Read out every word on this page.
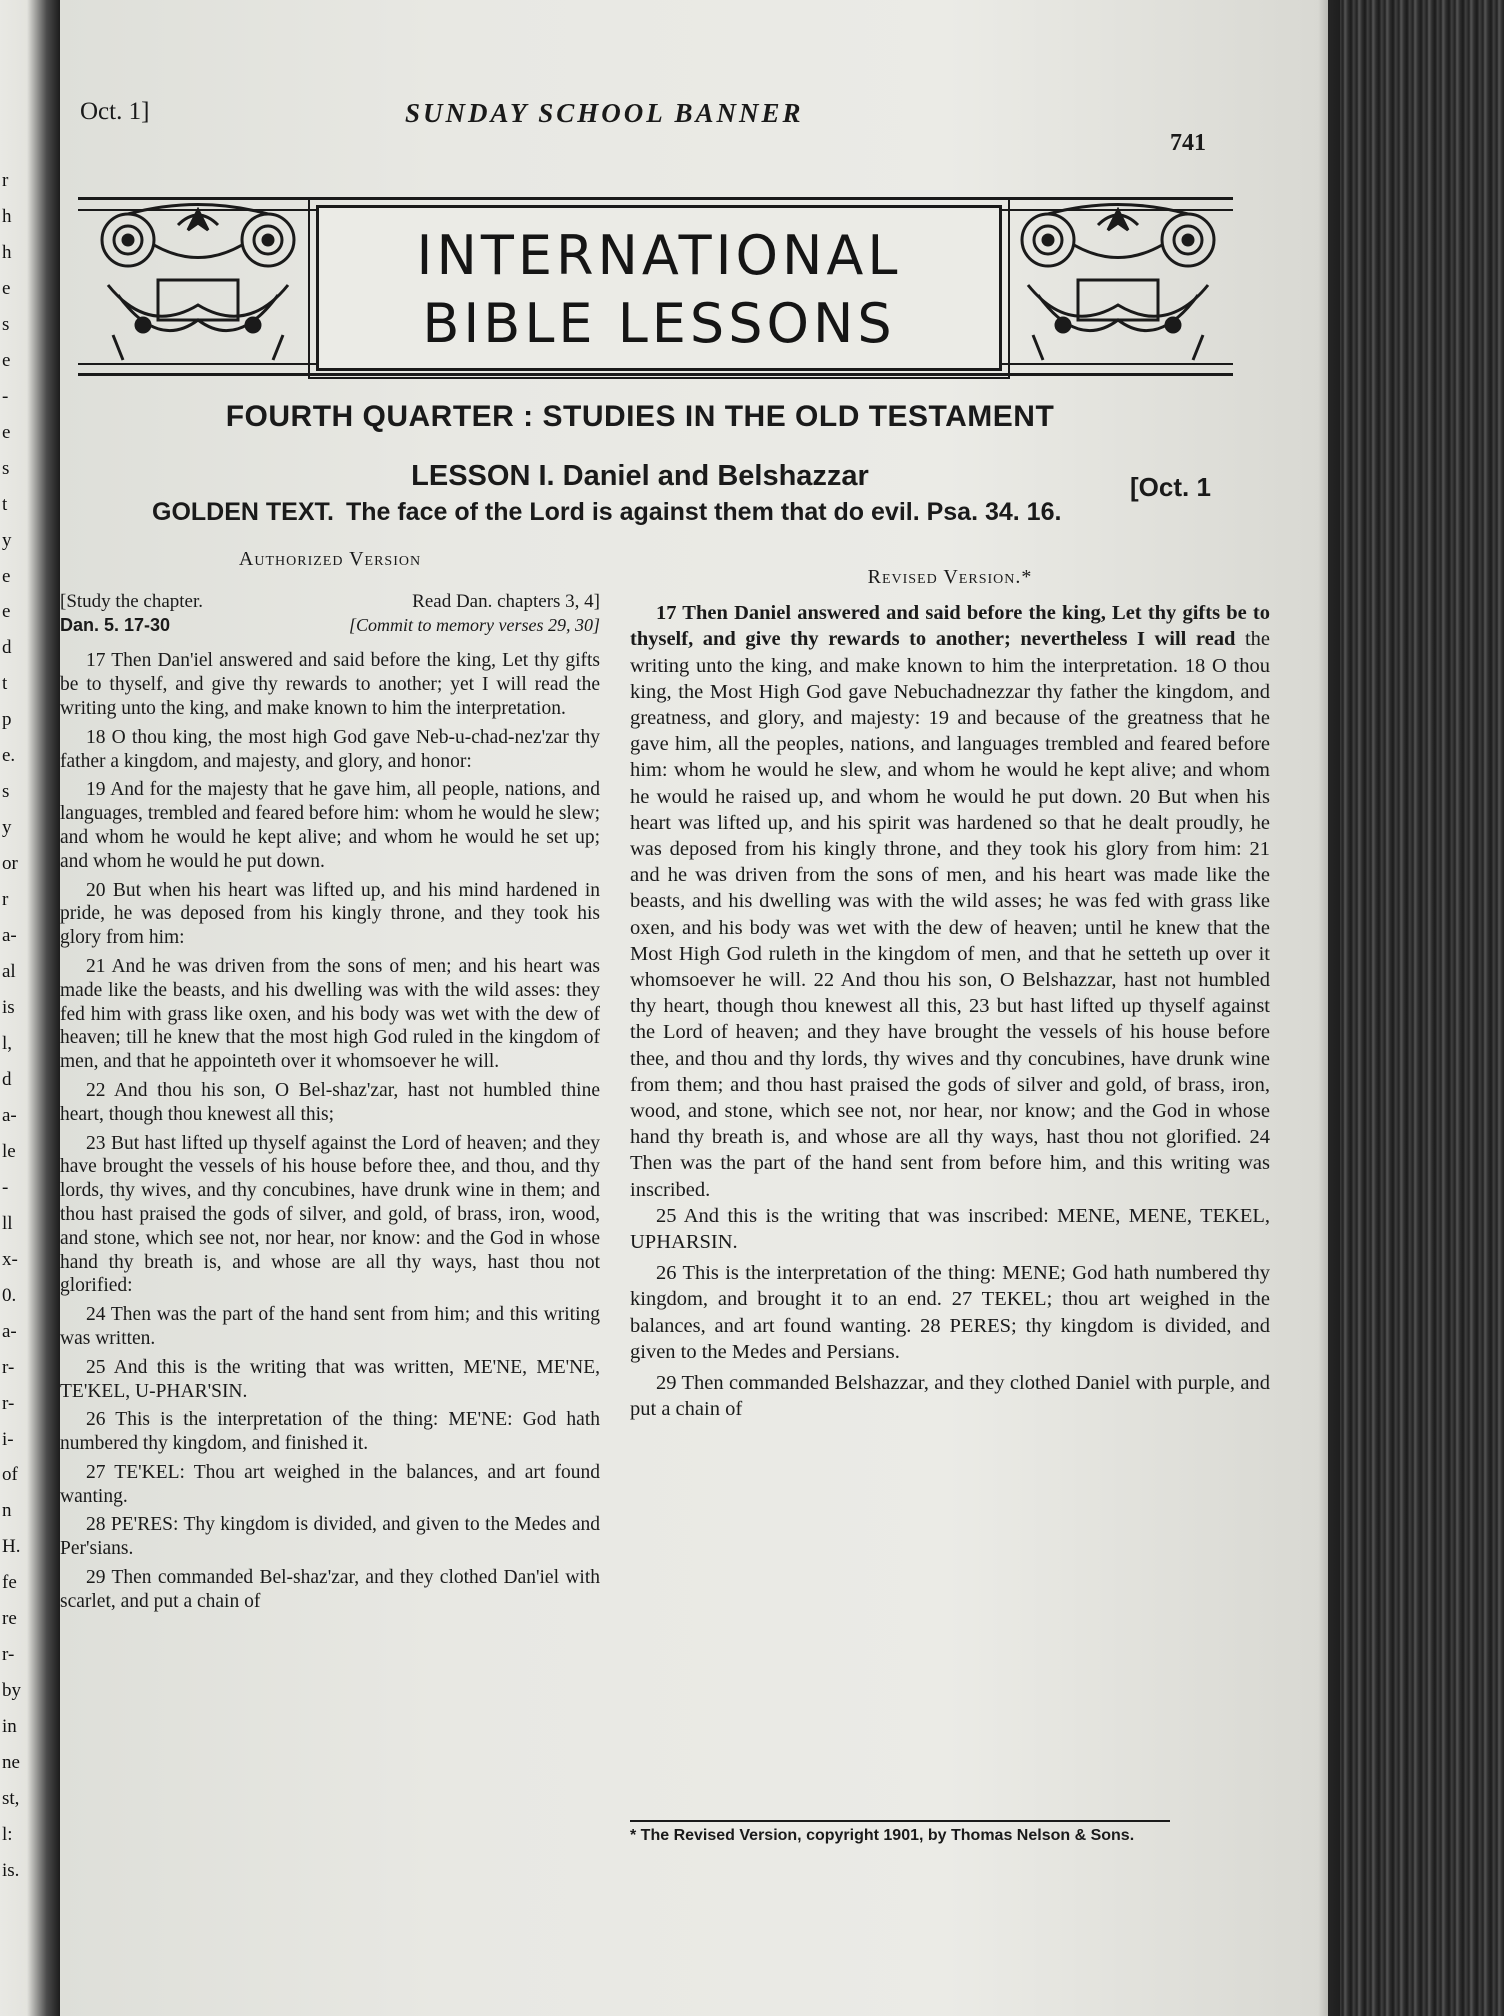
r
h
h
e
s
e
-
e
s
t
y
e
e
d
t
p
e.
s
y
or
r
a-
al
is
l,
d
a-
le
-
ll
x-
0.
a-
r-
r-
i-
of
n
H.
fe
re
r-
by
in
ne
st,
l:
is.
Oct. 1]	SUNDAY SCHOOL BANNER
741
INTERNATIONAL
BIBLE LESSONS
FOURTH QUARTER : STUDIES IN THE OLD TESTAMENT
LESSON I. Daniel and Belshazzar	[Oct. 1
GOLDEN TEXT. The face of the Lord is against them that do evil. Psa. 34. 16.
Authorized Version
[Study the chapter.	Read Dan. chapters 3, 4]
Dan. 5. 17-30	[Commit to memory verses 29, 30]

17 Then Dan'iel answered and said before the king, Let thy gifts be to thyself, and give thy rewards to another; yet I will read the writing unto the king, and make known to him the interpretation.

18 O thou king, the most high God gave Neb-u-chad-nez'zar thy father a kingdom, and majesty, and glory, and honor:

19 And for the majesty that he gave him, all people, nations, and languages, trembled and feared before him: whom he would he slew; and whom he would he kept alive; and whom he would he set up; and whom he would he put down.

20 But when his heart was lifted up, and his mind hardened in pride, he was deposed from his kingly throne, and they took his glory from him:

21 And he was driven from the sons of men; and his heart was made like the beasts, and his dwelling was with the wild asses: they fed him with grass like oxen, and his body was wet with the dew of heaven; till he knew that the most high God ruled in the kingdom of men, and that he appointeth over it whomsoever he will.

22 And thou his son, O Bel-shaz'zar, hast not humbled thine heart, though thou knewest all this;

23 But hast lifted up thyself against the Lord of heaven; and they have brought the vessels of his house before thee, and thou, and thy lords, thy wives, and thy concubines, have drunk wine in them; and thou hast praised the gods of silver, and gold, of brass, iron, wood, and stone, which see not, nor hear, nor know: and the God in whose hand thy breath is, and whose are all thy ways, hast thou not glorified:

24 Then was the part of the hand sent from him; and this writing was written.

25 And this is the writing that was written, ME'NE, ME'NE, TE'KEL, U-PHAR'SIN.

26 This is the interpretation of the thing: ME'NE: God hath numbered thy kingdom, and finished it.

27 TE'KEL: Thou art weighed in the balances, and art found wanting.

28 PE'RES: Thy kingdom is divided, and given to the Medes and Per'sians.

29 Then commanded Bel-shaz'zar, and they clothed Dan'iel with scarlet, and put a chain of

Revised Version.*

17 Then Daniel answered and said before the king, Let thy gifts be to thyself, and give thy rewards to another; nevertheless I will read the writing unto the king, and make known to him the interpretation. 18 O thou king, the Most High God gave Nebuchadnezzar thy father the kingdom, and greatness, and glory, and majesty: 19 and because of the greatness that he gave him, all the peoples, nations, and languages trembled and feared before him: whom he would he slew, and whom he would he kept alive; and whom he would he raised up, and whom he would he put down. 20 But when his heart was lifted up, and his spirit was hardened so that he dealt proudly, he was deposed from his kingly throne, and they took his glory from him: 21 and he was driven from the sons of men, and his heart was made like the beasts, and his dwelling was with the wild asses; he was fed with grass like oxen, and his body was wet with the dew of heaven; until he knew that the Most High God ruleth in the kingdom of men, and that he setteth up over it whomsoever he will. 22 And thou his son, O Belshazzar, hast not humbled thy heart, though thou knewest all this, 23 but hast lifted up thyself against the Lord of heaven; and they have brought the vessels of his house before thee, and thou and thy lords, thy wives and thy concubines, have drunk wine from them; and thou hast praised the gods of silver and gold, of brass, iron, wood, and stone, which see not, nor hear, nor know; and the God in whose hand thy breath is, and whose are all thy ways, hast thou not glorified. 24 Then was the part of the hand sent from before him, and this writing was inscribed.

25 And this is the writing that was inscribed: MENE, MENE, TEKEL, UPHARSIN.

26 This is the interpretation of the thing: MENE; God hath numbered thy kingdom, and brought it to an end. 27 TEKEL; thou art weighed in the balances, and art found wanting. 28 PERES; thy kingdom is divided, and given to the Medes and Persians.

29 Then commanded Belshazzar, and they clothed Daniel with purple, and put a chain of

* The Revised Version, copyright 1901, by Thomas Nelson & Sons.
